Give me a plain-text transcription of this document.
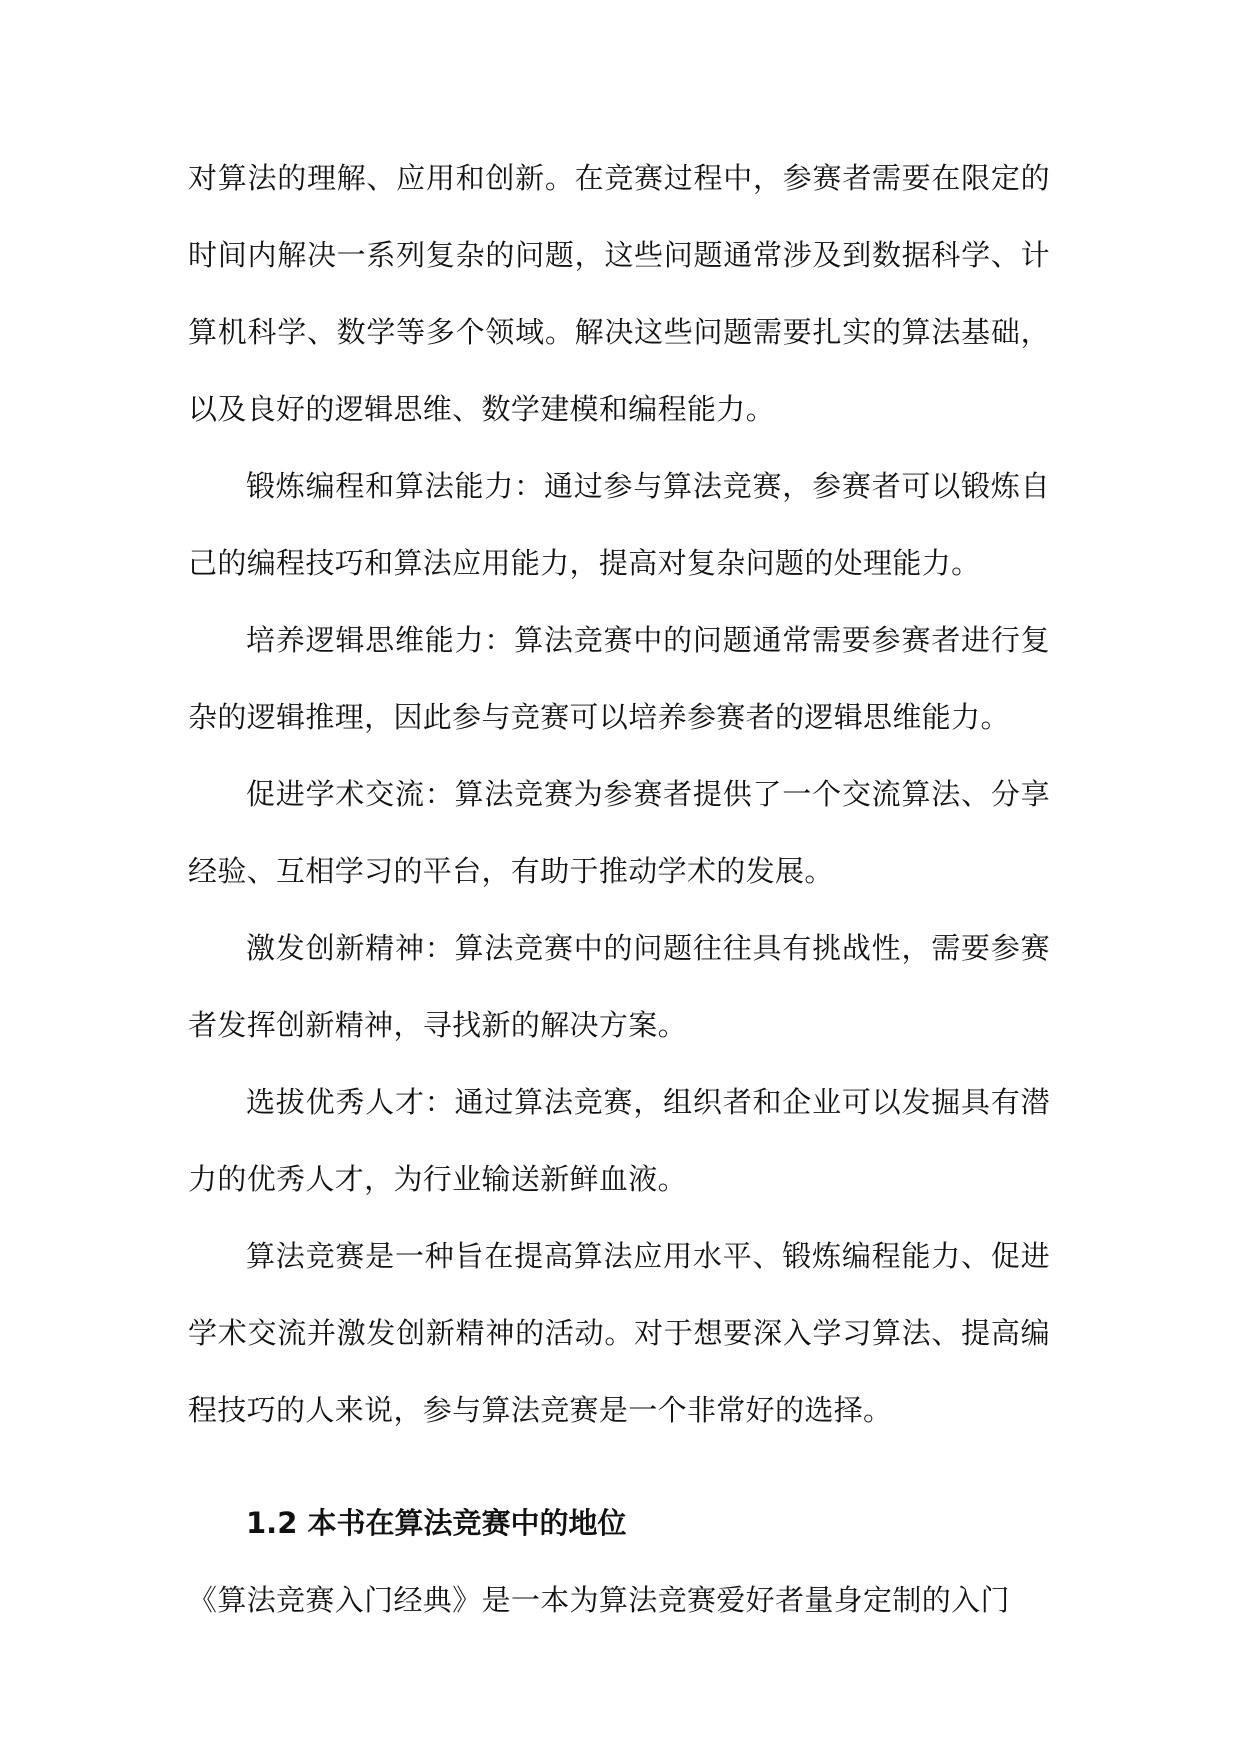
对算法的理解、应用和创新。在竞赛过程中，参赛者需要在限定的时间内解决一系列复杂的问题，这些问题通常涉及到数据科学、计算机科学、数学等多个领域。解决这些问题需要扎实的算法基础，以及良好的逻辑思维、数学建模和编程能力。

锻炼编程和算法能力：通过参与算法竞赛，参赛者可以锻炼自己的编程技巧和算法应用能力，提高对复杂问题的处理能力。

培养逻辑思维能力：算法竞赛中的问题通常需要参赛者进行复杂的逻辑推理，因此参与竞赛可以培养参赛者的逻辑思维能力。

促进学术交流：算法竞赛为参赛者提供了一个交流算法、分享经验、互相学习的平台，有助于推动学术的发展。

激发创新精神：算法竞赛中的问题往往具有挑战性，需要参赛者发挥创新精神，寻找新的解决方案。

选拔优秀人才：通过算法竞赛，组织者和企业可以发掘具有潜力的优秀人才，为行业输送新鲜血液。

算法竞赛是一种旨在提高算法应用水平、锻炼编程能力、促进学术交流并激发创新精神的活动。对于想要深入学习算法、提高编程技巧的人来说，参与算法竞赛是一个非常好的选择。

1.2 本书在算法竞赛中的地位

《算法竞赛入门经典》是一本为算法竞赛爱好者量身定制的入门
